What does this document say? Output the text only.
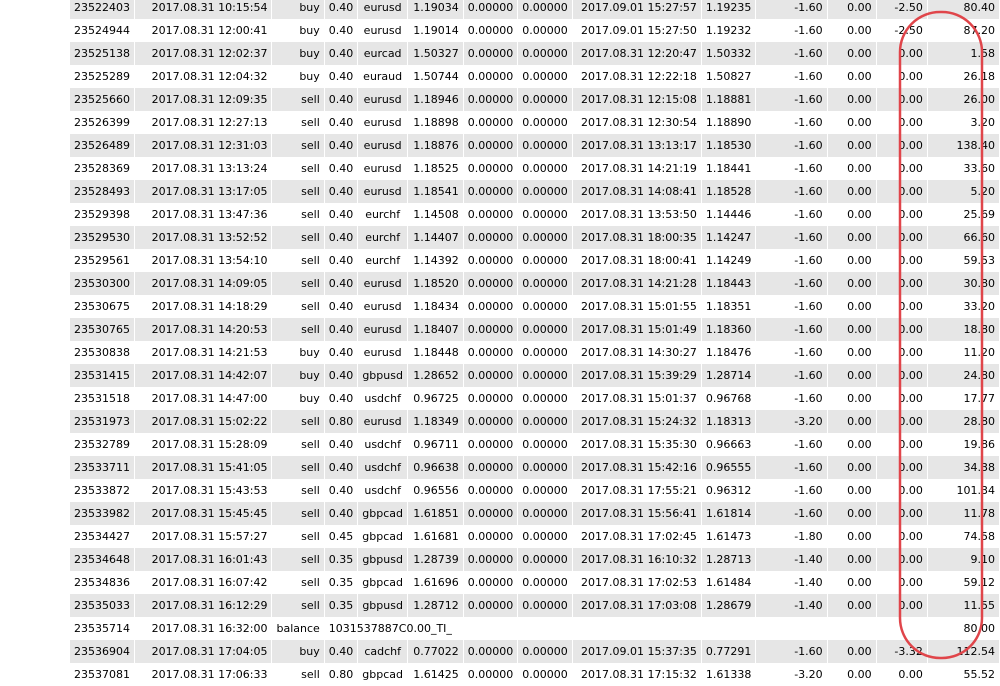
23522403	2017.08.31 10:15:54	buy	0.40	eurusd	1.19034	0.00000	0.00000	2017.09.01 15:27:57	1.19235	-1.60	0.00	-2.50	80.40
23524944	2017.08.31 12:00:41	buy	0.40	eurusd	1.19014	0.00000	0.00000	2017.09.01 15:27:50	1.19232	-1.60	0.00	-2.50	87.20
23525138	2017.08.31 12:02:37	buy	0.40	eurcad	1.50327	0.00000	0.00000	2017.08.31 12:20:47	1.50332	-1.60	0.00	0.00	1.58
23525289	2017.08.31 12:04:32	buy	0.40	euraud	1.50744	0.00000	0.00000	2017.08.31 12:22:18	1.50827	-1.60	0.00	0.00	26.18
23525660	2017.08.31 12:09:35	sell	0.40	eurusd	1.18946	0.00000	0.00000	2017.08.31 12:15:08	1.18881	-1.60	0.00	0.00	26.00
23526399	2017.08.31 12:27:13	sell	0.40	eurusd	1.18898	0.00000	0.00000	2017.08.31 12:30:54	1.18890	-1.60	0.00	0.00	3.20
23526489	2017.08.31 12:31:03	sell	0.40	eurusd	1.18876	0.00000	0.00000	2017.08.31 13:13:17	1.18530	-1.60	0.00	0.00	138.40
23528369	2017.08.31 13:13:24	sell	0.40	eurusd	1.18525	0.00000	0.00000	2017.08.31 14:21:19	1.18441	-1.60	0.00	0.00	33.60
23528493	2017.08.31 13:17:05	sell	0.40	eurusd	1.18541	0.00000	0.00000	2017.08.31 14:08:41	1.18528	-1.60	0.00	0.00	5.20
23529398	2017.08.31 13:47:36	sell	0.40	eurchf	1.14508	0.00000	0.00000	2017.08.31 13:53:50	1.14446	-1.60	0.00	0.00	25.69
23529530	2017.08.31 13:52:52	sell	0.40	eurchf	1.14407	0.00000	0.00000	2017.08.31 18:00:35	1.14247	-1.60	0.00	0.00	66.60
23529561	2017.08.31 13:54:10	sell	0.40	eurchf	1.14392	0.00000	0.00000	2017.08.31 18:00:41	1.14249	-1.60	0.00	0.00	59.53
23530300	2017.08.31 14:09:05	sell	0.40	eurusd	1.18520	0.00000	0.00000	2017.08.31 14:21:28	1.18443	-1.60	0.00	0.00	30.80
23530675	2017.08.31 14:18:29	sell	0.40	eurusd	1.18434	0.00000	0.00000	2017.08.31 15:01:55	1.18351	-1.60	0.00	0.00	33.20
23530765	2017.08.31 14:20:53	sell	0.40	eurusd	1.18407	0.00000	0.00000	2017.08.31 15:01:49	1.18360	-1.60	0.00	0.00	18.80
23530838	2017.08.31 14:21:53	buy	0.40	eurusd	1.18448	0.00000	0.00000	2017.08.31 14:30:27	1.18476	-1.60	0.00	0.00	11.20
23531415	2017.08.31 14:42:07	buy	0.40	gbpusd	1.28652	0.00000	0.00000	2017.08.31 15:39:29	1.28714	-1.60	0.00	0.00	24.80
23531518	2017.08.31 14:47:00	buy	0.40	usdchf	0.96725	0.00000	0.00000	2017.08.31 15:01:37	0.96768	-1.60	0.00	0.00	17.77
23531973	2017.08.31 15:02:22	sell	0.80	eurusd	1.18349	0.00000	0.00000	2017.08.31 15:24:32	1.18313	-3.20	0.00	0.00	28.80
23532789	2017.08.31 15:28:09	sell	0.40	usdchf	0.96711	0.00000	0.00000	2017.08.31 15:35:30	0.96663	-1.60	0.00	0.00	19.86
23533711	2017.08.31 15:41:05	sell	0.40	usdchf	0.96638	0.00000	0.00000	2017.08.31 15:42:16	0.96555	-1.60	0.00	0.00	34.38
23533872	2017.08.31 15:43:53	sell	0.40	usdchf	0.96556	0.00000	0.00000	2017.08.31 17:55:21	0.96312	-1.60	0.00	0.00	101.34
23533982	2017.08.31 15:45:45	sell	0.40	gbpcad	1.61851	0.00000	0.00000	2017.08.31 15:56:41	1.61814	-1.60	0.00	0.00	11.78
23534427	2017.08.31 15:57:27	sell	0.45	gbpcad	1.61681	0.00000	0.00000	2017.08.31 17:02:45	1.61473	-1.80	0.00	0.00	74.58
23534648	2017.08.31 16:01:43	sell	0.35	gbpusd	1.28739	0.00000	0.00000	2017.08.31 16:10:32	1.28713	-1.40	0.00	0.00	9.10
23534836	2017.08.31 16:07:42	sell	0.35	gbpcad	1.61696	0.00000	0.00000	2017.08.31 17:02:53	1.61484	-1.40	0.00	0.00	59.12
23535033	2017.08.31 16:12:29	sell	0.35	gbpusd	1.28712	0.00000	0.00000	2017.08.31 17:03:08	1.28679	-1.40	0.00	0.00	11.55
23535714	2017.08.31 16:32:00	balance	1031537887C0.00_TI_										80.00
23536904	2017.08.31 17:04:05	buy	0.40	cadchf	0.77022	0.00000	0.00000	2017.09.01 15:37:35	0.77291	-1.60	0.00	-3.32	112.54
23537081	2017.08.31 17:06:33	sell	0.80	gbpcad	1.61425	0.00000	0.00000	2017.08.31 17:15:32	1.61338	-3.20	0.00	0.00	55.52
